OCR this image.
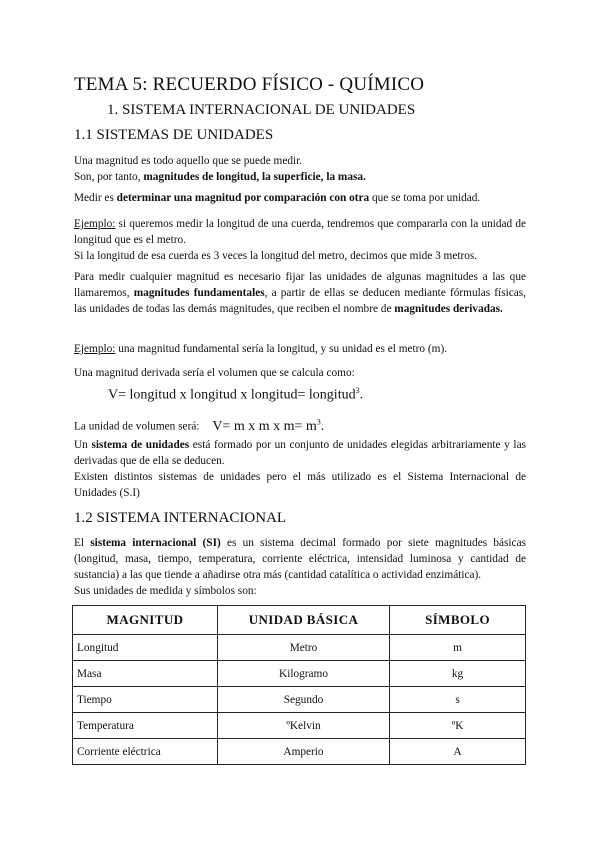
TEMA 5: RECUERDO FÍSICO - QUÍMICO
1. SISTEMA INTERNACIONAL DE UNIDADES
1.1 SISTEMAS DE UNIDADES
Una magnitud es todo aquello que se puede medir.
Son, por tanto, magnitudes de longitud, la superficie, la masa.
Medir es determinar una magnitud por comparación con otra que se toma por unidad.
Ejemplo: si queremos medir la longitud de una cuerda, tendremos que compararla con la unidad de longitud que es el metro.
Si la longitud de esa cuerda es 3 veces la longitud del metro, decimos que mide 3 metros.
Para medir cualquier magnitud es necesario fijar las unidades de algunas magnitudes a las que llamaremos, magnitudes fundamentales, a partir de ellas se deducen mediante fórmulas físicas, las unidades de todas las demás magnitudes, que reciben el nombre de magnitudes derivadas.
Ejemplo: una magnitud fundamental sería la longitud, y su unidad es el metro (m).
Una magnitud derivada sería el volumen que se calcula como:
V= longitud x longitud x longitud= longitud$^3$.
La unidad de volumen será: V= m x m x $m= m^3$.
Un sistema de unidades está formado por un conjunto de unidades elegidas arbitrariamente y las derivadas que de ella se deducen.
Existen distintos sistemas de unidades pero el más utilizado es el Sistema Internacional de Unidades (S.I)
1.2 SISTEMA INTERNACIONAL
El sistema internacional (SI) es un sistema decimal formado por siete magnitudes básicas (longitud, masa, tiempo, temperatura, corriente eléctrica, intensidad luminosa y cantidad de sustancia) a las que tiende a añadirse otra más (cantidad catalítica o actividad enzimática).
Sus unidades de medida y símbolos son:
MAGNITUD	UNIDAD BÁSICA	SÍMBOLO
Longitud	Metro	m
Masa	Kilogramo	kg
Tiempo	Segundo	s
Temperatura	ºKelvin	ºK
Corriente eléctrica	Amperio	A
